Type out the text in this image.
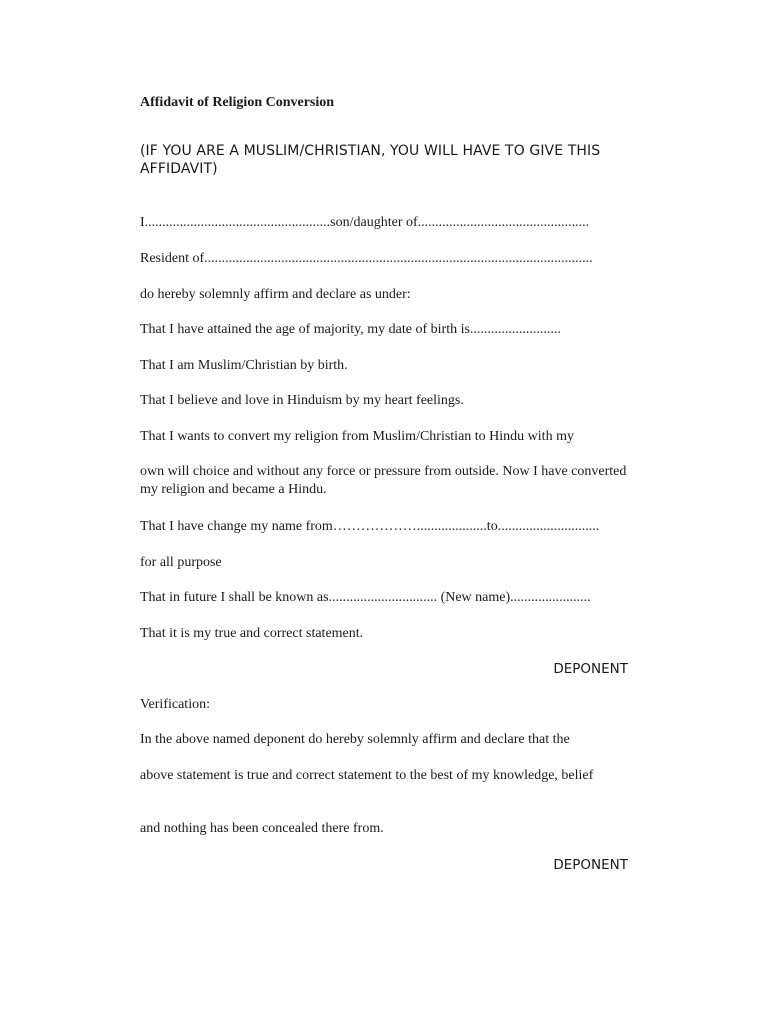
Affidavit of Religion Conversion
(IF YOU ARE A MUSLIM/CHRISTIAN, YOU WILL HAVE TO GIVE THIS AFFIDAVIT)
I.....................................................son/daughter of.................................................
Resident of...............................................................................................................
do hereby solemnly affirm and declare as under:
That I have attained the age of majority, my date of birth is..........................
That I am Muslim/Christian by birth.
That I believe and love in Hinduism by my heart feelings.
That I wants to convert my religion from Muslim/Christian to Hindu with my
own will choice and without any force or pressure from outside. Now I have converted my religion and became a Hindu.
That I have change my name from………………....................to.............................
for all purpose
That in future I shall be known as............................... (New name).......................
That it is my true and correct statement.
DEPONENT
Verification:
In the above named deponent do hereby solemnly affirm and declare that the
above statement is true and correct statement to the best of my knowledge, belief
and nothing has been concealed there from.
DEPONENT
